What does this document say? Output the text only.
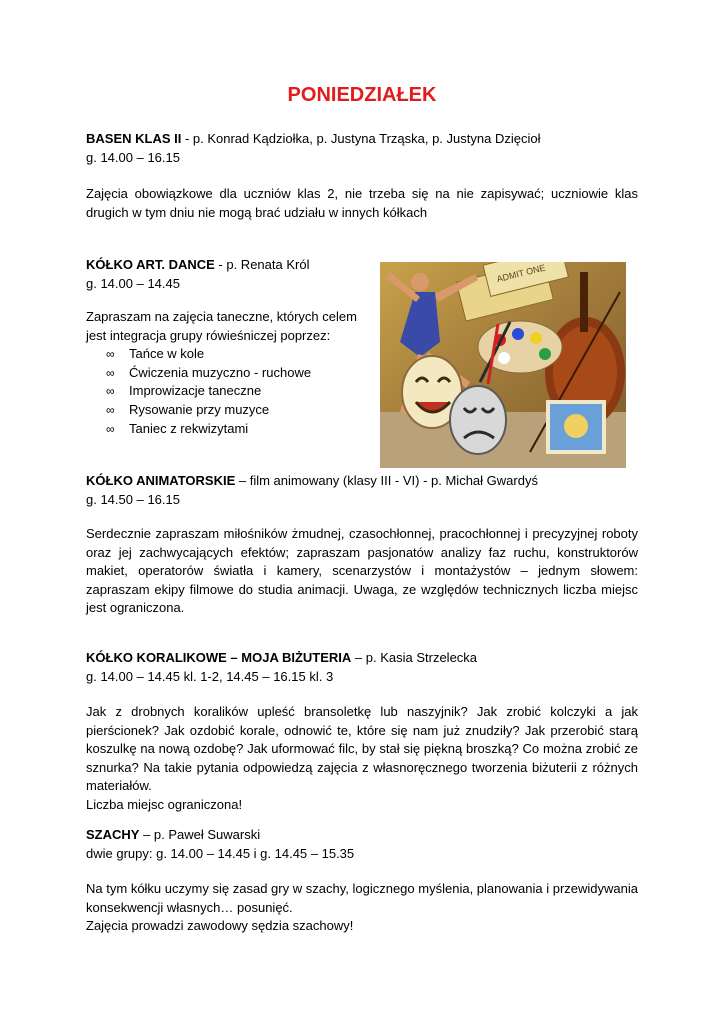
PONIEDZIAŁEK

BASEN KLAS II - p. Konrad Kądziołka, p. Justyna Trząska, p. Justyna Dzięcioł

g. 14.00 – 16.15

Zajęcia obowiązkowe dla uczniów klas 2, nie trzeba się na nie zapisywać; uczniowie klas drugich w tym dniu nie mogą brać udziału w innych kółkach

KÓŁKO ART. DANCE - p. Renata Król

g. 14.00 – 14.45

Zapraszam na zajęcia taneczne, których celem jest integracja grupy rówieśniczej poprzez:

∞ Tańce w kole
∞ Ćwiczenia muzyczno - ruchowe
∞ Improwizacje taneczne
∞ Rysowanie przy muzyce
∞ Taniec z rekwizytami
ADMIT ONE

KÓŁKO ANIMATORSKIE – film animowany (klasy III - VI) - p. Michał Gwardyś

g. 14.50 – 16.15

Serdecznie zapraszam miłośników żmudnej, czasochłonnej, pracochłonnej i precyzyjnej roboty oraz jej zachwycających efektów; zapraszam pasjonatów analizy faz ruchu, konstruktorów makiet, operatorów światła i kamery, scenarzystów i montażystów – jednym słowem: zapraszam ekipy filmowe do studia animacji. Uwaga, ze względów technicznych liczba miejsc jest ograniczona.

KÓŁKO KORALIKOWE – MOJA BIŻUTERIA – p. Kasia Strzelecka

g. 14.00 – 14.45 kl. 1-2, 14.45 – 16.15 kl. 3

Jak z drobnych koralików upleść bransoletkę lub naszyjnik? Jak zrobić kolczyki a jak pierścionek? Jak ozdobić korale, odnowić te, które się nam już znudziły? Jak przerobić starą koszulkę na nową ozdobę? Jak uformować filc, by stał się piękną broszką? Co można zrobić ze sznurka? Na takie pytania odpowiedzą zajęcia z własnoręcznego tworzenia biżuterii z różnych materiałów.

Liczba miejsc ograniczona!

SZACHY – p. Paweł Suwarski

dwie grupy: g. 14.00 – 14.45 i g. 14.45 – 15.35

Na tym kółku uczymy się zasad gry w szachy, logicznego myślenia, planowania i przewidywania konsekwencji własnych… posunięć.

Zajęcia prowadzi zawodowy sędzia szachowy!
